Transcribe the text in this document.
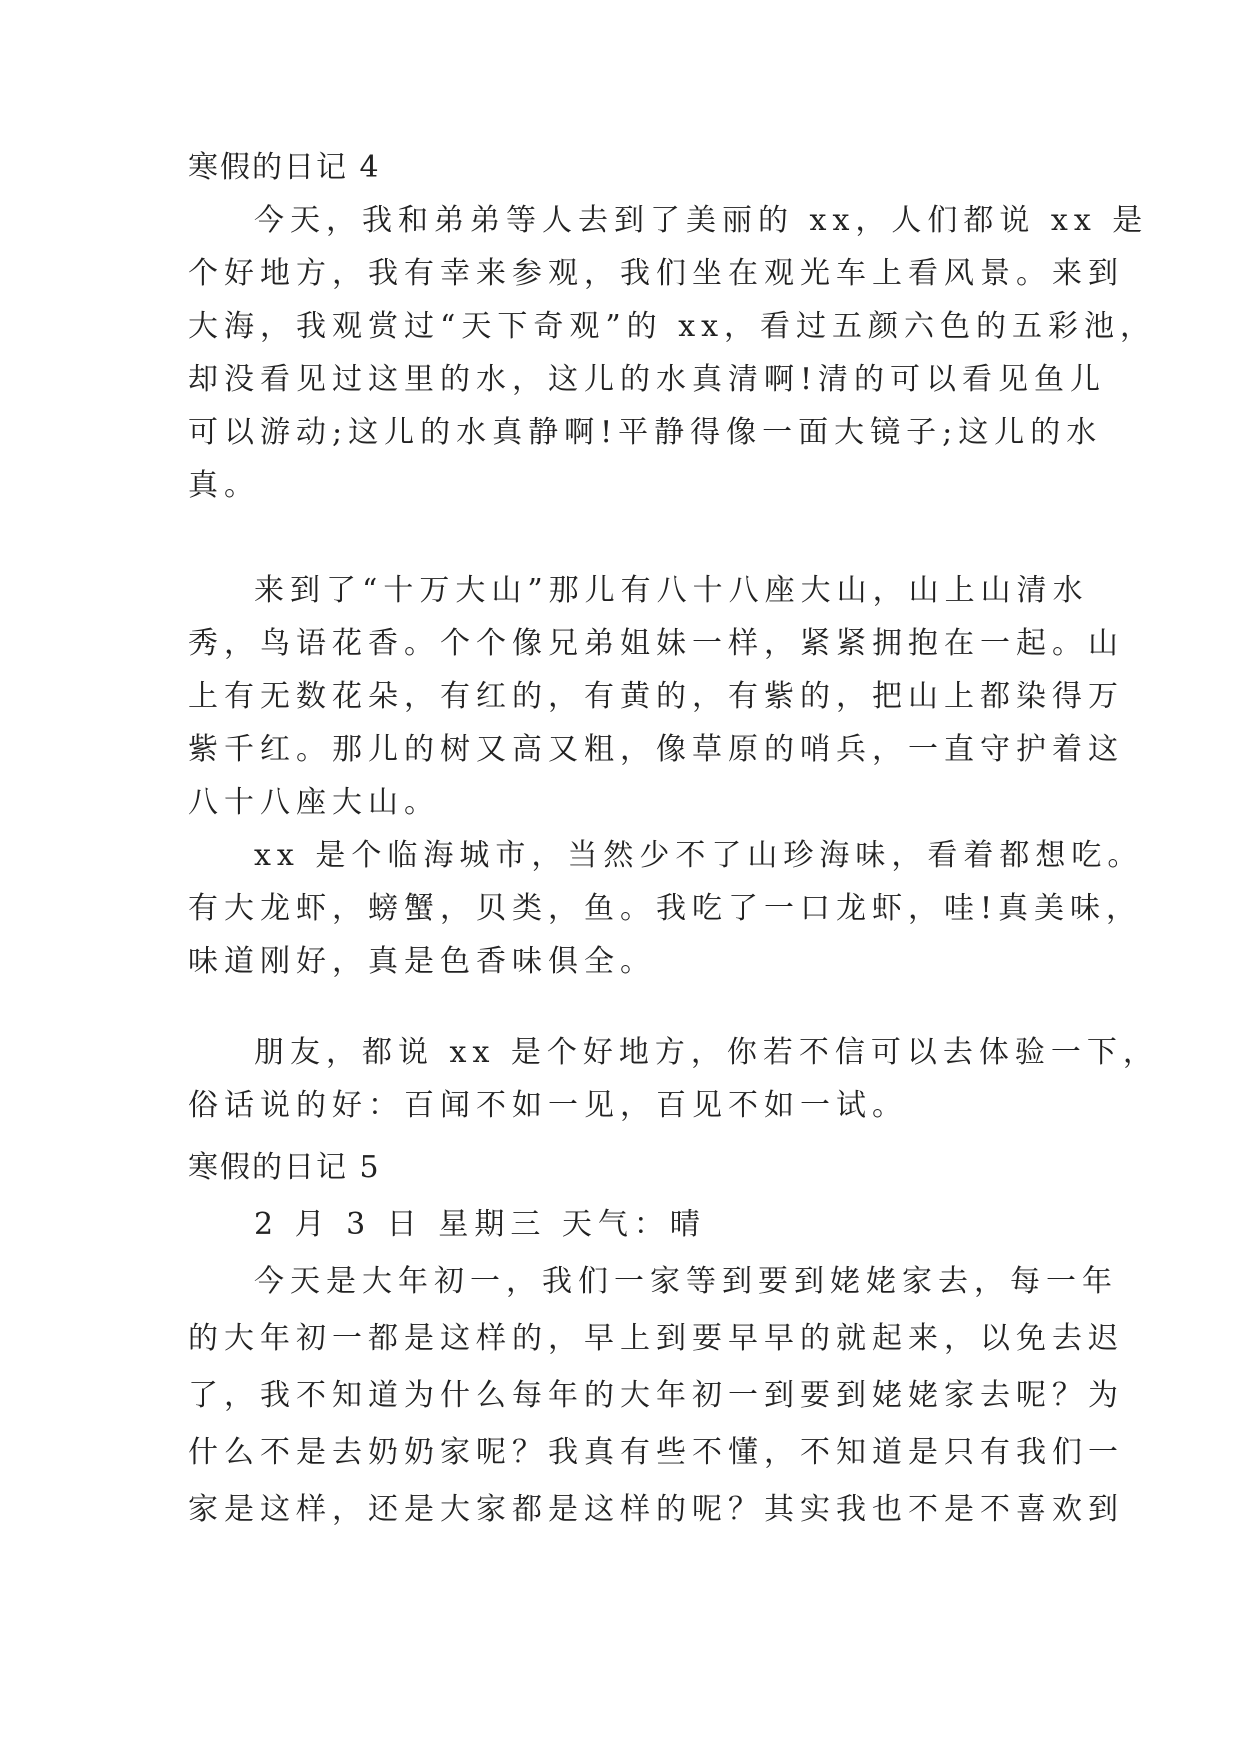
寒假的日记 4
今天，我和弟弟等人去到了美丽的 xx，人们都说 xx 是
个好地方，我有幸来参观，我们坐在观光车上看风景。来到
大海，我观赏过“天下奇观”的 xx，看过五颜六色的五彩池，
却没看见过这里的水，这儿的水真清啊!清的可以看见鱼儿
可以游动;这儿的水真静啊!平静得像一面大镜子;这儿的水
真。
来到了“十万大山”那儿有八十八座大山，山上山清水
秀，鸟语花香。个个像兄弟姐妹一样，紧紧拥抱在一起。山
上有无数花朵，有红的，有黄的，有紫的，把山上都染得万
紫千红。那儿的树又高又粗，像草原的哨兵，一直守护着这
八十八座大山。
xx 是个临海城市，当然少不了山珍海味，看着都想吃。
有大龙虾，螃蟹，贝类，鱼。我吃了一口龙虾，哇!真美味，
味道刚好，真是色香味俱全。
朋友，都说 xx 是个好地方，你若不信可以去体验一下，
俗话说的好：百闻不如一见，百见不如一试。
寒假的日记 5
2 月 3 日 星期三 天气：晴
今天是大年初一，我们一家等到要到姥姥家去，每一年
的大年初一都是这样的，早上到要早早的就起来，以免去迟
了，我不知道为什么每年的大年初一到要到姥姥家去呢？为
什么不是去奶奶家呢？我真有些不懂，不知道是只有我们一
家是这样，还是大家都是这样的呢？其实我也不是不喜欢到
